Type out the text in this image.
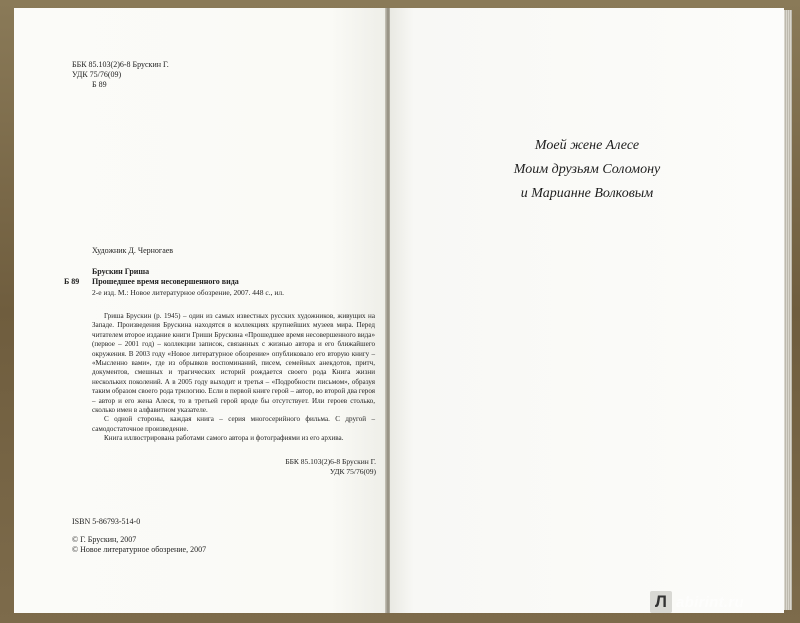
ББК 85.103(2)6-8 Брускин Г.
УДК 75/76(09)
Б 89
Художник Д. Черногаев
Брускин Гриша
Б 89 Прошедшее время несовершенного вида
2-е изд. М.: Новое литературное обозрение, 2007. 448 с., ил.

Гриша Брускин (р. 1945) – один из самых известных русских художников, живущих на Западе. Произведения Брускина находятся в коллекциях крупнейших музеев мира. Перед читателем второе издание книги Гриши Брускина «Прошедшее время несовершенного вида» (первое – 2001 год) – коллекции записок, связанных с жизнью автора и его ближайшего окружения. В 2003 году «Новое литературное обозрение» опубликовало его вторую книгу – «Мысленно вами», где из обрывков воспоминаний, писем, семейных анекдотов, притч, документов, смешных и трагических историй рождается своего рода Книга жизни нескольких поколений. А в 2005 году выходит и третья – «Подробности письмом», образуя таким образом своего рода трилогию. Если в первой книге герой – автор, во второй два героя – автор и его жена Алеся, то в третьей герой вроде бы отсутствует. Или героев столько, сколько имен в алфавитном указателе.

С одной стороны, каждая книга – серия многосерийного фильма. С другой – самодостаточное произведение.

Книга иллюстрирована работами самого автора и фотографиями из его архива.

ББК 85.103(2)6-8 Брускин Г.
УДК 75/76(09)
ISBN 5-86793-514-0
© Г. Брускин, 2007
© Новое литературное обозрение, 2007
Моей жене Алесе
Моим друзьям Соломону
и Марианне Волковым
Л abirint.ru
